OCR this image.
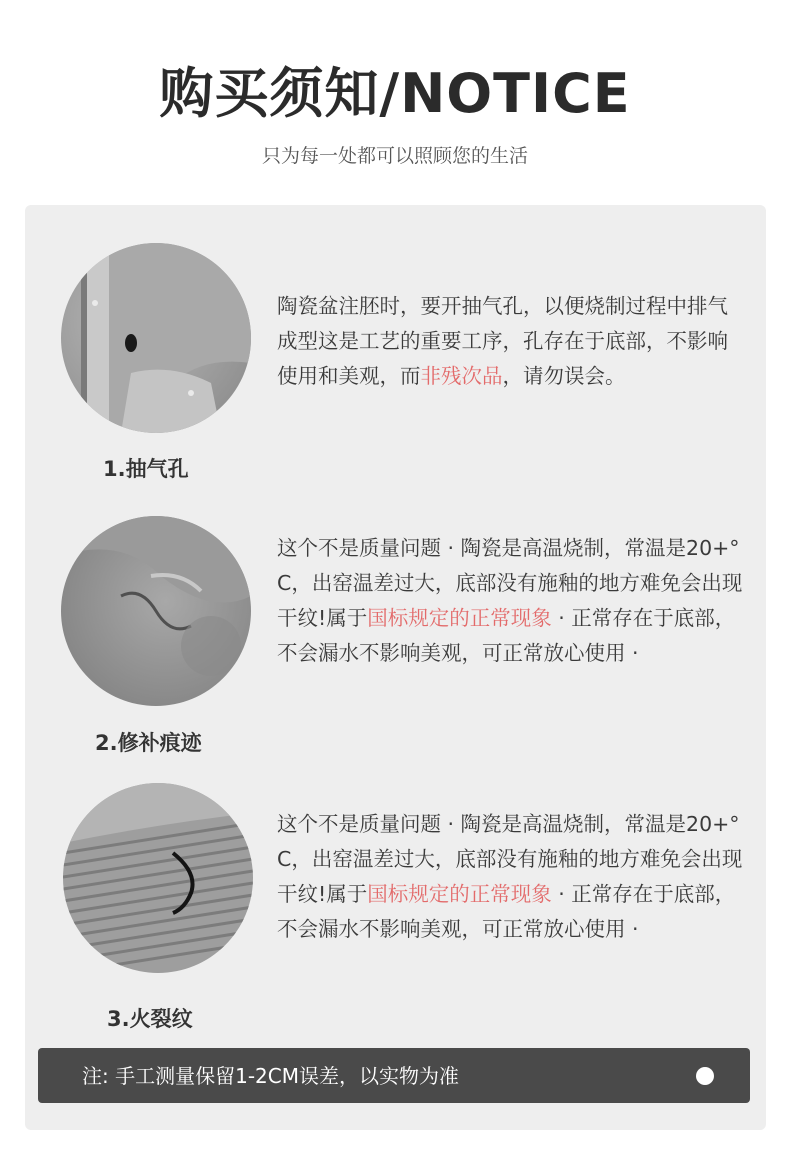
购买须知/NOTICE
只为每一处都可以照顾您的生活
陶瓷盆注胚时，要开抽气孔，以便烧制过程中排气成型这是工艺的重要工序，孔存在于底部，不影响使用和美观，而非残次品，请勿误会。
1.抽气孔
这个不是质量问题 · 陶瓷是高温烧制，常温是20+° C，出窑温差过大，底部没有施釉的地方难免会出现干纹!属于国标规定的正常现象 · 正常存在于底部，不会漏水不影响美观，可正常放心使用 ·
2.修补痕迹
这个不是质量问题 · 陶瓷是高温烧制，常温是20+° C，出窑温差过大，底部没有施釉的地方难免会出现干纹!属于国标规定的正常现象 · 正常存在于底部，不会漏水不影响美观，可正常放心使用 ·
3.火裂纹
注: 手工测量保留1-2CM误差，以实物为准
